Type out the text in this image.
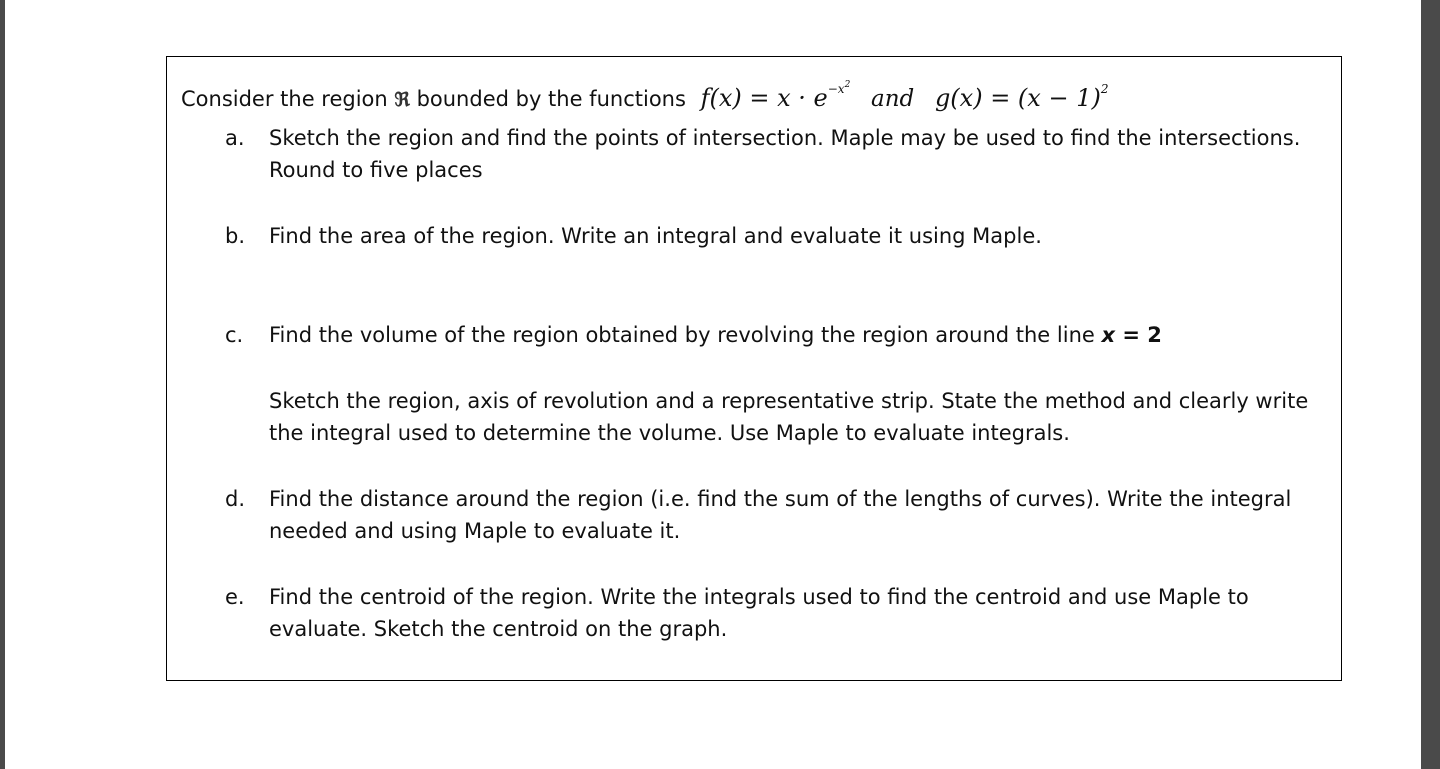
Consider the region ℜ bounded by the functions $f(x) = x \cdot e^{-x^2}$ and $g(x) = (x - 1)^2$
a. Sketch the region and find the points of intersection. Maple may be used to find the intersections. Round to five places
b. Find the area of the region. Write an integral and evaluate it using Maple.
c. Find the volume of the region obtained by revolving the region around the line x = 2
Sketch the region, axis of revolution and a representative strip. State the method and clearly write the integral used to determine the volume. Use Maple to evaluate integrals.
d. Find the distance around the region (i.e. find the sum of the lengths of curves). Write the integral needed and using Maple to evaluate it.
e. Find the centroid of the region. Write the integrals used to find the centroid and use Maple to evaluate. Sketch the centroid on the graph.
